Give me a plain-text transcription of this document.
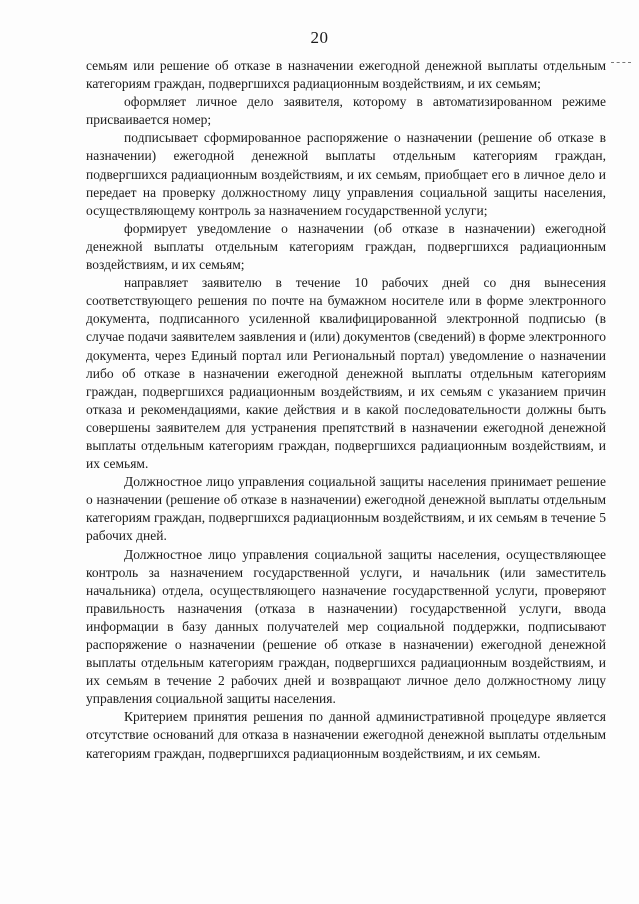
20

семьям или решение об отказе в назначении ежегодной денежной выплаты отдельным категориям граждан, подвергшихся радиационным воздействиям, и их семьям;

оформляет личное дело заявителя, которому в автоматизированном режиме присваивается номер;

подписывает сформированное распоряжение о назначении (решение об отказе в назначении) ежегодной денежной выплаты отдельным категориям граждан, подвергшихся радиационным воздействиям, и их семьям, приобщает его в личное дело и передает на проверку должностному лицу управления социальной защиты населения, осуществляющему контроль за назначением государственной услуги;

формирует уведомление о назначении (об отказе в назначении) ежегодной денежной выплаты отдельным категориям граждан, подвергшихся радиационным воздействиям, и их семьям;

направляет заявителю в течение 10 рабочих дней со дня вынесения соответствующего решения по почте на бумажном носителе или в форме электронного документа, подписанного усиленной квалифицированной электронной подписью (в случае подачи заявителем заявления и (или) документов (сведений) в форме электронного документа, через Единый портал или Региональный портал) уведомление о назначении либо об отказе в назначении ежегодной денежной выплаты отдельным категориям граждан, подвергшихся радиационным воздействиям, и их семьям с указанием причин отказа и рекомендациями, какие действия и в какой последовательности должны быть совершены заявителем для устранения препятствий в назначении ежегодной денежной выплаты отдельным категориям граждан, подвергшихся радиационным воздействиям, и их семьям.

Должностное лицо управления социальной защиты населения принимает решение о назначении (решение об отказе в назначении) ежегодной денежной выплаты отдельным категориям граждан, подвергшихся радиационным воздействиям, и их семьям в течение 5 рабочих дней.

Должностное лицо управления социальной защиты населения, осуществляющее контроль за назначением государственной услуги, и начальник (или заместитель начальника) отдела, осуществляющего назначение государственной услуги, проверяют правильность назначения (отказа в назначении) государственной услуги, ввода информации в базу данных получателей мер социальной поддержки, подписывают распоряжение о назначении (решение об отказе в назначении) ежегодной денежной выплаты отдельным категориям граждан, подвергшихся радиационным воздействиям, и их семьям в течение 2 рабочих дней и возвращают личное дело должностному лицу управления социальной защиты населения.

Критерием принятия решения по данной административной процедуре является отсутствие оснований для отказа в назначении ежегодной денежной выплаты отдельным категориям граждан, подвергшихся радиационным воздействиям, и их семьям.
